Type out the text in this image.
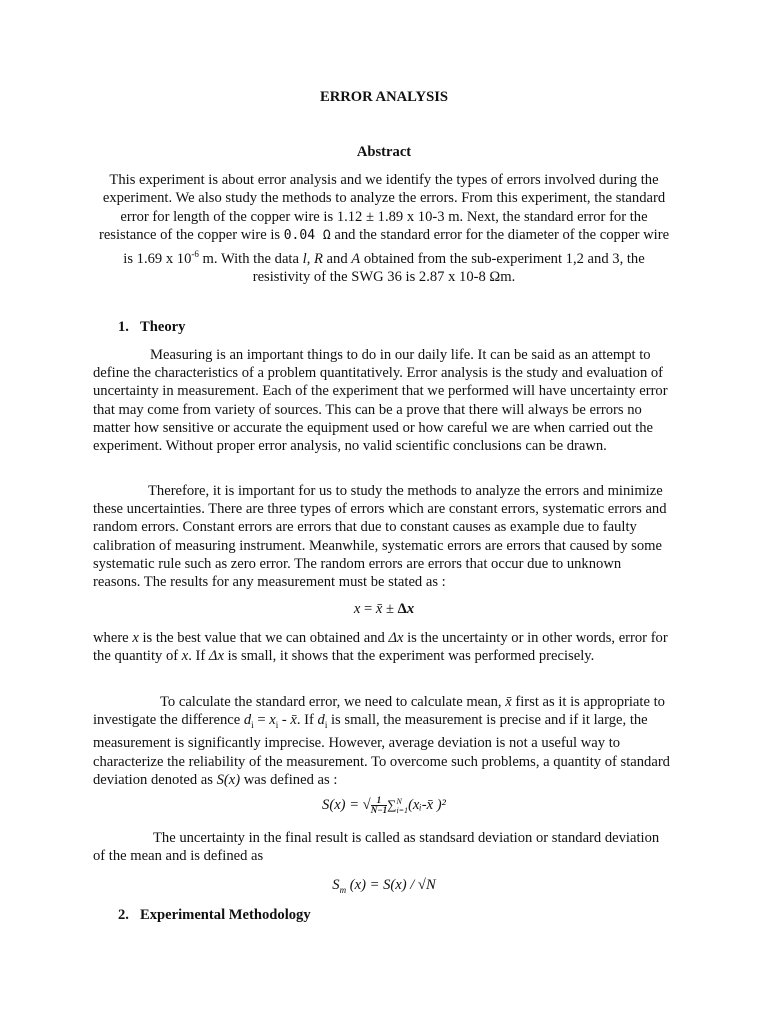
ERROR ANALYSIS
Abstract

This experiment is about error analysis and we identify the types of errors involved during the experiment. We also study the methods to analyze the errors. From this experiment, the standard error for length of the copper wire is 1.12 ± 1.89 x 10-3 m. Next, the standard error for the resistance of the copper wire is 0.04 Ω and the standard error for the diameter of the copper wire is 1.69 x $10^{-6}$ m. With the data l, R and A obtained from the sub-experiment 1,2 and 3, the resistivity of the SWG 36 is 2.87 x 10-8 Ωm.

1. Theory

Measuring is an important things to do in our daily life. It can be said as an attempt to define the characteristics of a problem quantitatively. Error analysis is the study and evaluation of uncertainty in measurement. Each of the experiment that we performed will have uncertainty error that may come from variety of sources. This can be a prove that there will always be errors no matter how sensitive or accurate the equipment used or how careful we are when carried out the experiment. Without proper error analysis, no valid scientific conclusions can be drawn.

Therefore, it is important for us to study the methods to analyze the errors and minimize these uncertainties. There are three types of errors which are constant errors, systematic errors and random errors. Constant errors are errors that due to constant causes as example due to faulty calibration of measuring instrument. Meanwhile, systematic errors are errors that caused by some systematic rule such as zero error. The random errors are errors that occur due to unknown reasons. The results for any measurement must be stated as :

x = x̄ ± Δx

where x is the best value that we can obtained and Δx is the uncertainty or in other words, error for the quantity of x. If Δx is small, it shows that the experiment was performed precisely.

To calculate the standard error, we need to calculate mean, x̄ first as it is appropriate to investigate the difference $d_i = x_i$ - x̄. If $d_i$ is small, the measurement is precise and if it large, the measurement is significantly imprecise. However, average deviation is not a useful way to characterize the reliability of the measurement. To overcome such problems, a quantity of standard deviation denoted as S(x) was defined as :

S(x) = √ $\frac{1}{N-1}$ ∑ N
i=1 (xᵢ-x̄ )²

The uncertainty in the final result is called as standsard deviation or standard deviation of the mean and is defined as

$S_m$ (x) = S(x) / √N
2. Experimental Methodology
